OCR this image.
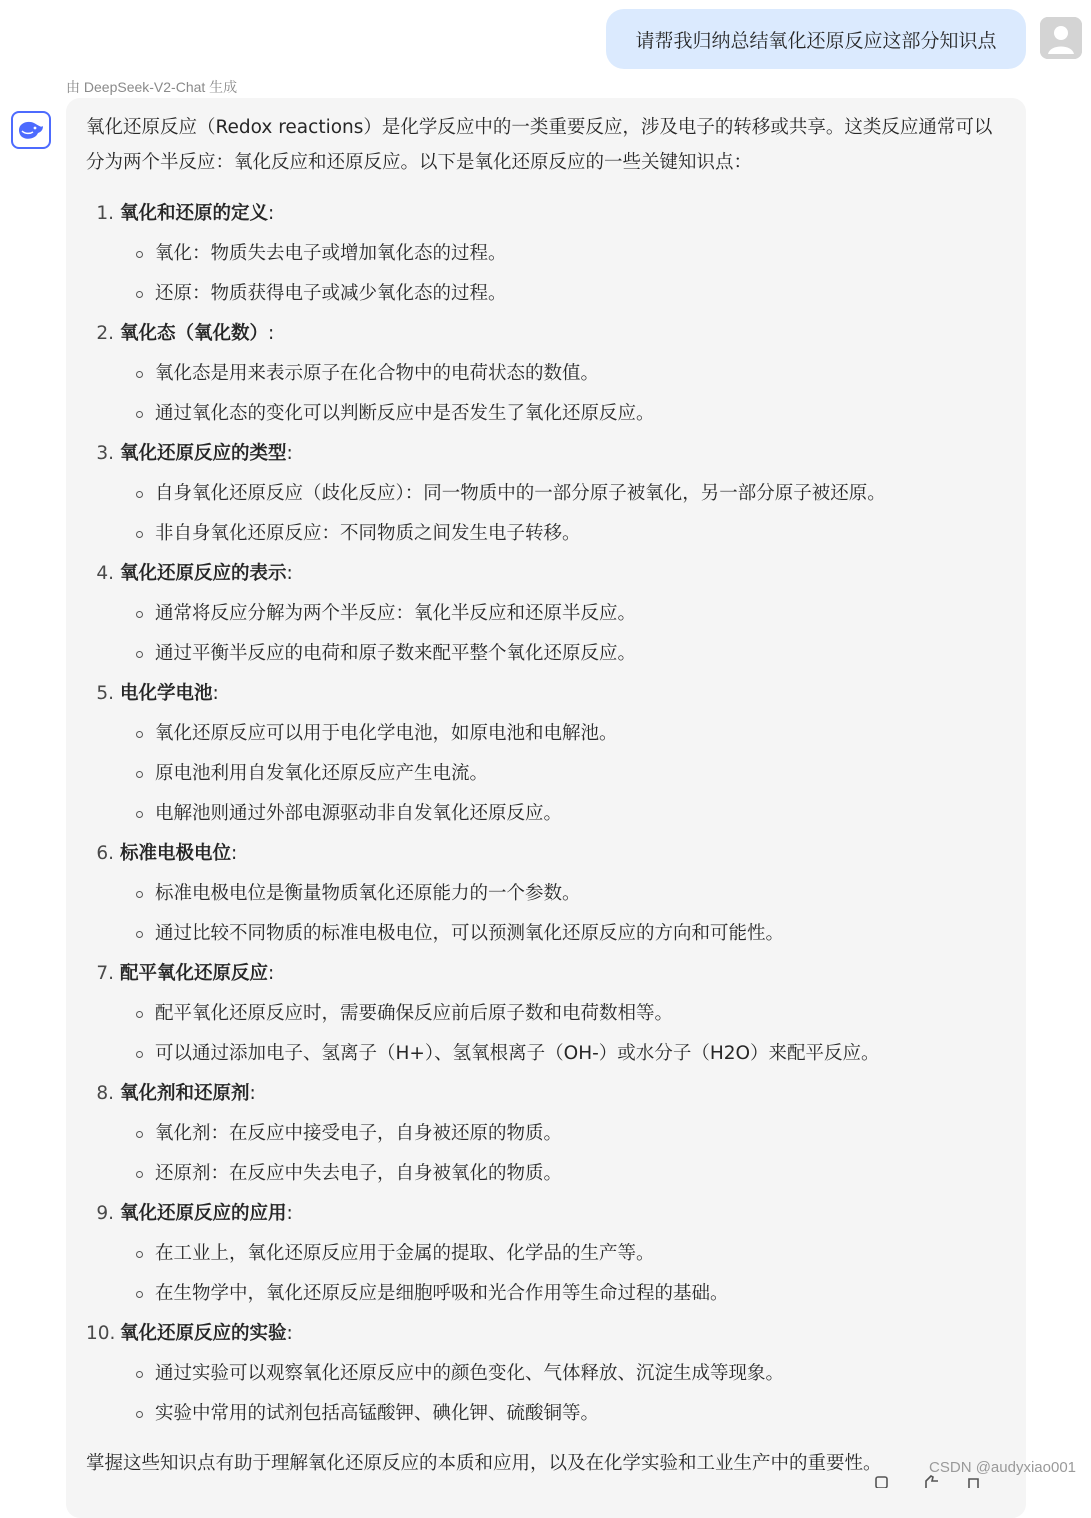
请帮我归纳总结氧化还原反应这部分知识点
由 DeepSeek-V2-Chat 生成

氧化还原反应（Redox reactions）是化学反应中的一类重要反应，涉及电子的转移或共享。这类反应通常可以分为两个半反应：氧化反应和还原反应。以下是氧化还原反应的一些关键知识点：

1. 氧化和还原的定义:
氧化：物质失去电子或增加氧化态的过程。
还原：物质获得电子或减少氧化态的过程。
2. 氧化态（氧化数）:
氧化态是用来表示原子在化合物中的电荷状态的数值。
通过氧化态的变化可以判断反应中是否发生了氧化还原反应。
3. 氧化还原反应的类型:
自身氧化还原反应（歧化反应）：同一物质中的一部分原子被氧化，另一部分原子被还原。
非自身氧化还原反应：不同物质之间发生电子转移。
4. 氧化还原反应的表示:
通常将反应分解为两个半反应：氧化半反应和还原半反应。
通过平衡半反应的电荷和原子数来配平整个氧化还原反应。
5. 电化学电池:
氧化还原反应可以用于电化学电池，如原电池和电解池。
原电池利用自发氧化还原反应产生电流。
电解池则通过外部电源驱动非自发氧化还原反应。
6. 标准电极电位:
标准电极电位是衡量物质氧化还原能力的一个参数。
通过比较不同物质的标准电极电位，可以预测氧化还原反应的方向和可能性。
7. 配平氧化还原反应:
配平氧化还原反应时，需要确保反应前后原子数和电荷数相等。
可以通过添加电子、氢离子（H+）、氢氧根离子（OH-）或水分子（H2O）来配平反应。
8. 氧化剂和还原剂:
氧化剂：在反应中接受电子，自身被还原的物质。
还原剂：在反应中失去电子，自身被氧化的物质。
9. 氧化还原反应的应用:
在工业上，氧化还原反应用于金属的提取、化学品的生产等。
在生物学中，氧化还原反应是细胞呼吸和光合作用等生命过程的基础。
10. 氧化还原反应的实验:
通过实验可以观察氧化还原反应中的颜色变化、气体释放、沉淀生成等现象。
实验中常用的试剂包括高锰酸钾、碘化钾、硫酸铜等。
掌握这些知识点有助于理解氧化还原反应的本质和应用，以及在化学实验和工业生产中的重要性。	CSDN @audyxiao001
